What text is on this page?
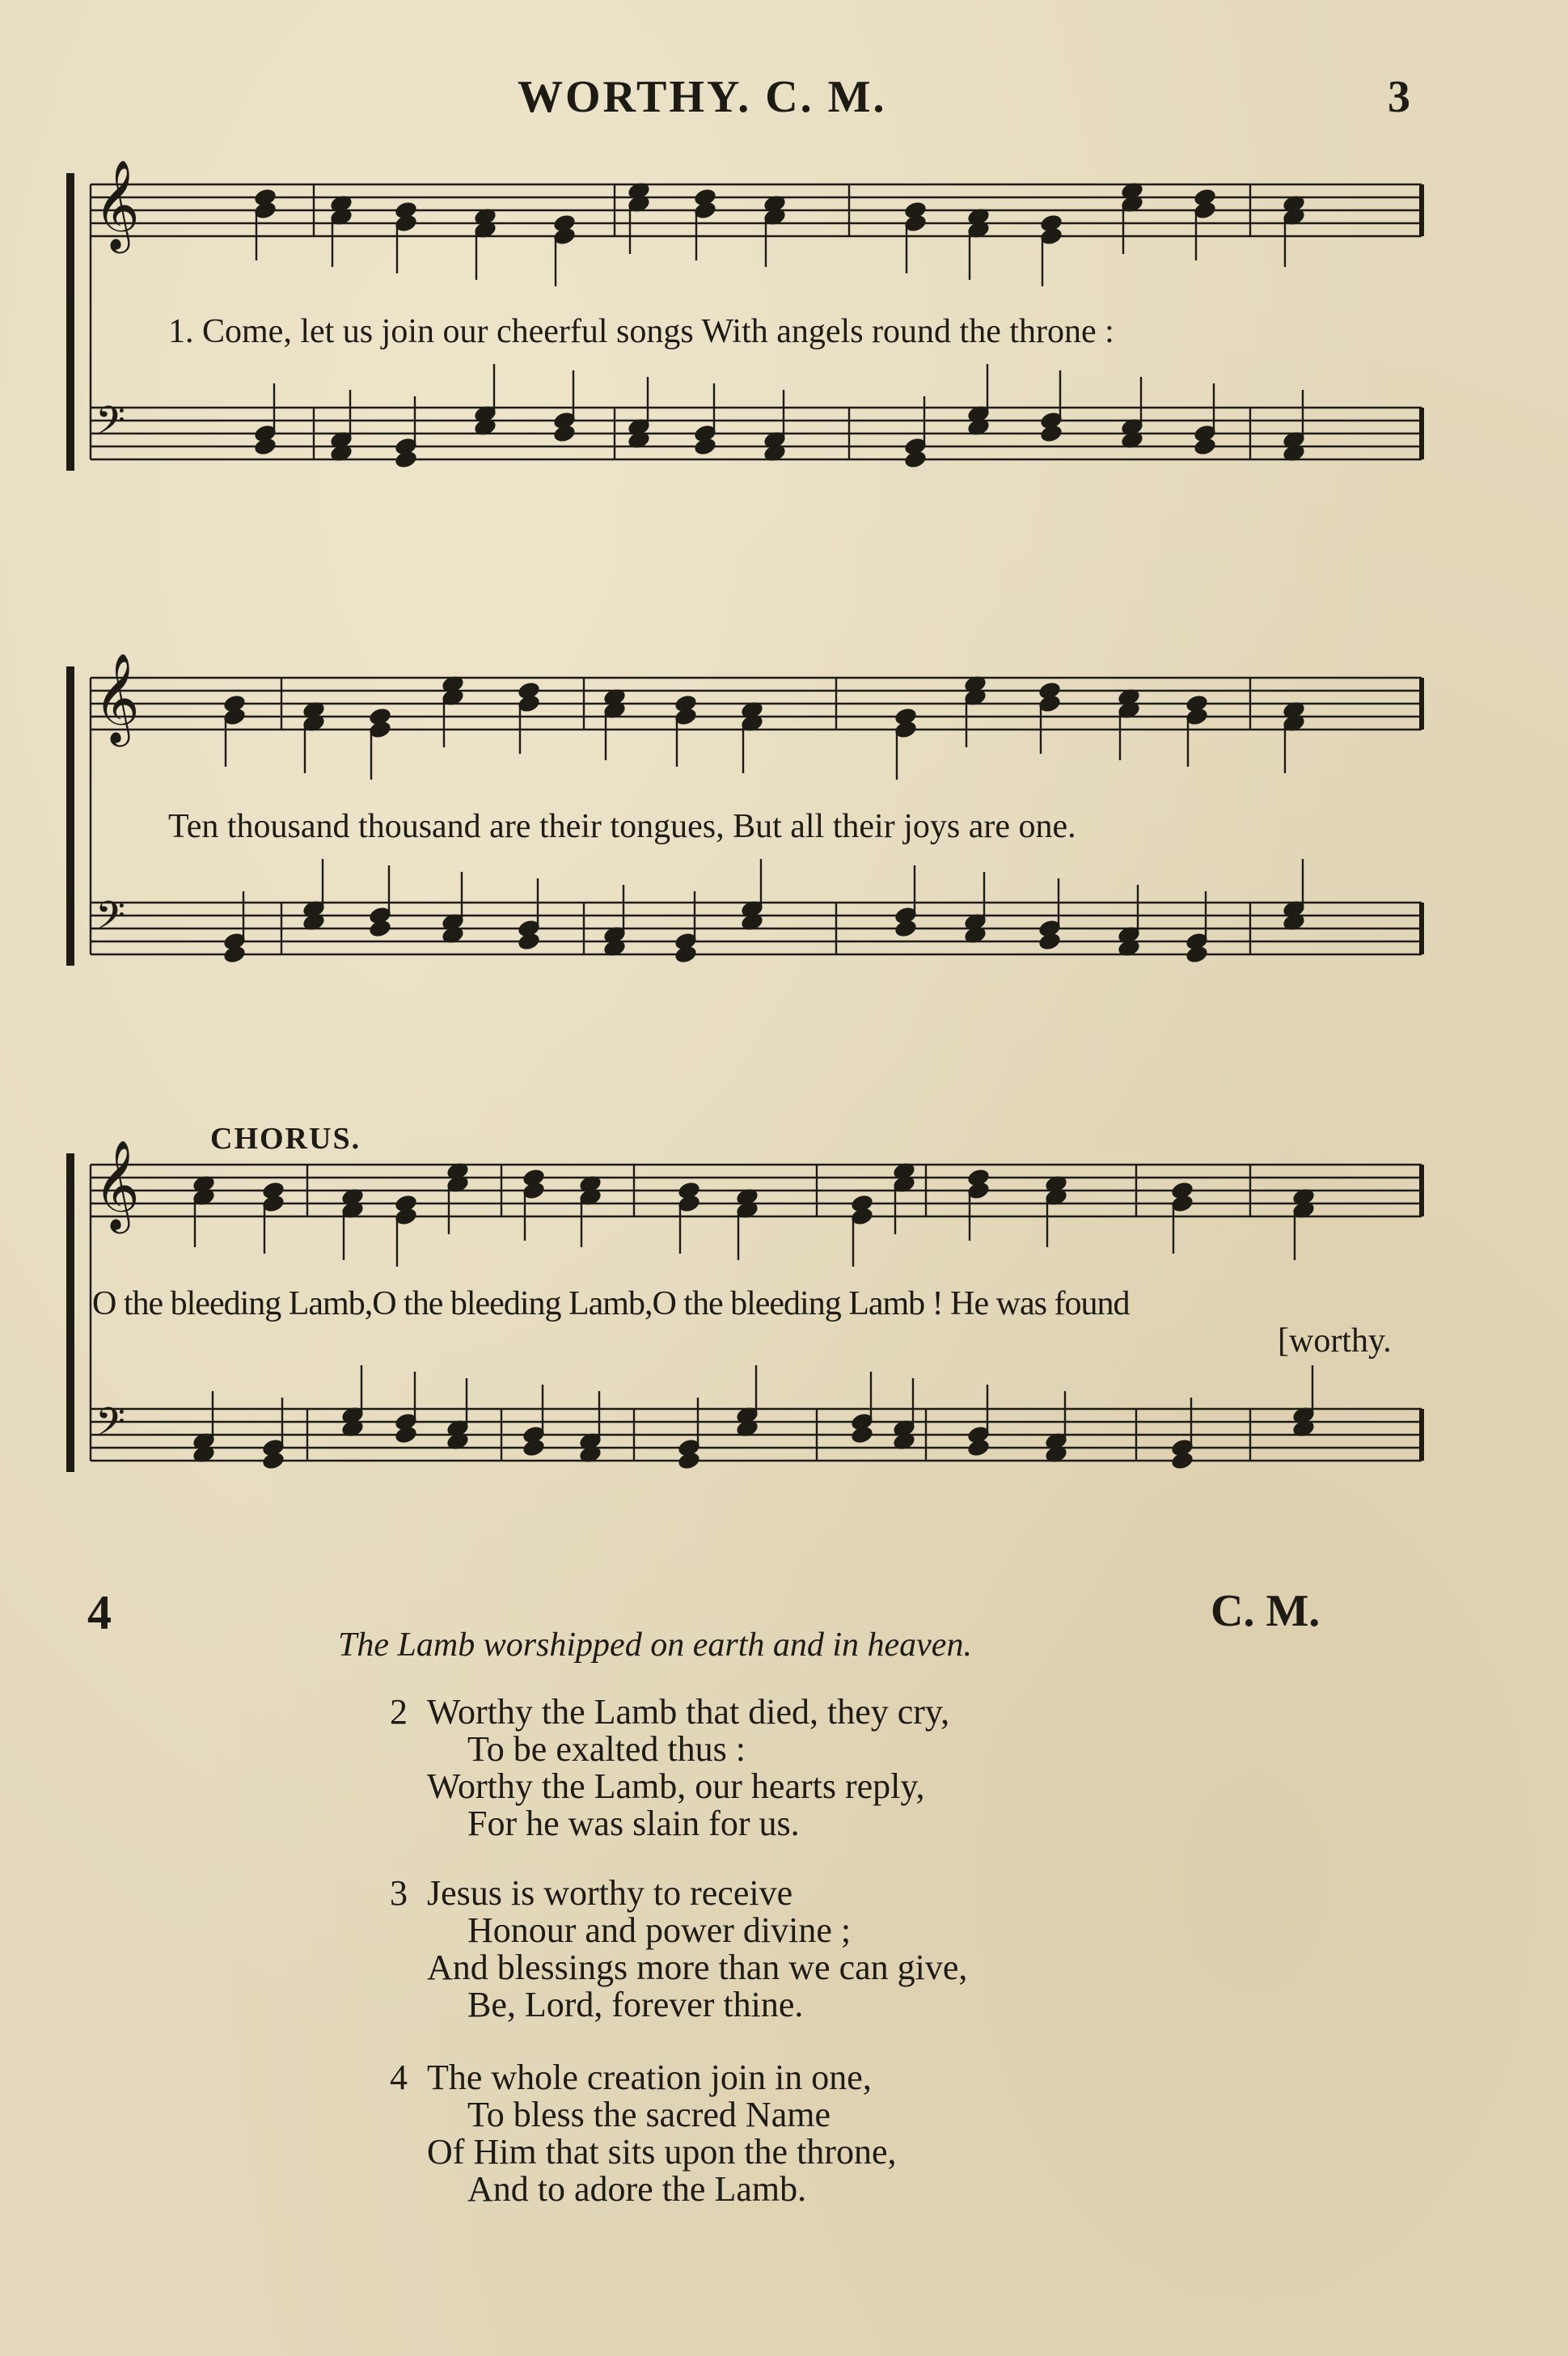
WORTHY. C. M.	3
𝄞
𝄢
𝄞
𝄢
𝄞
𝄢
1. Come, let us join our cheerful songs With angels round the throne :
Ten thousand thousand are their tongues, But all their joys are one.
CHORUS.
O the bleeding Lamb,O the bleeding Lamb,O the bleeding Lamb ! He was found
[worthy.
4	C. M.
The Lamb worshipped on earth and in heaven.
2 Worthy the Lamb that died, they cry,
To be exalted thus :
Worthy the Lamb, our hearts reply,
For he was slain for us.
3 Jesus is worthy to receive
Honour and power divine ;
And blessings more than we can give,
Be, Lord, forever thine.
4 The whole creation join in one,
To bless the sacred Name
Of Him that sits upon the throne,
And to adore the Lamb.
